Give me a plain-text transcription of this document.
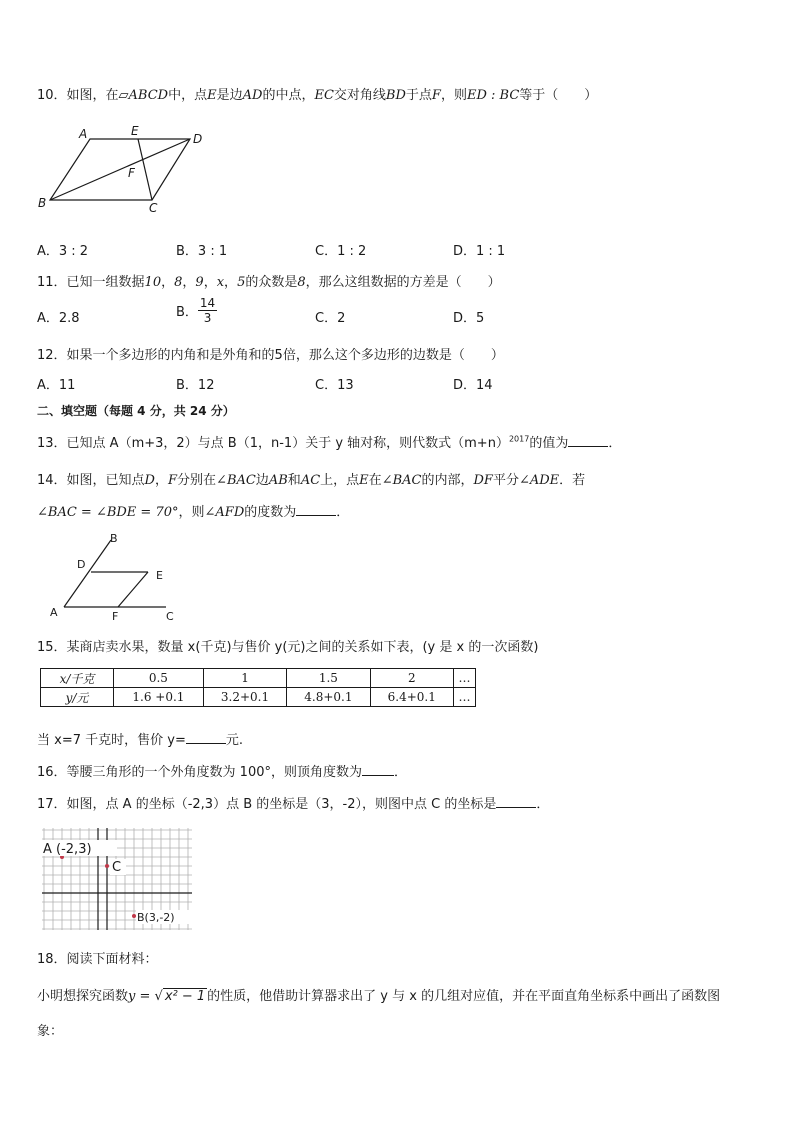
10．如图，在▱ABCD中，点E是边AD的中点，EC交对角线BD于点F，则ED : BC等于（　　）
A	E
D
F
B	C
A．3 : 2	B．3 : 1	C．1 : 2	D．1 : 1
11．已知一组数据10，8，9，x，5的众数是8，那么这组数据的方差是（　　）
A．2.8	B． $\frac{14}{3}$	C．2	D．5
12．如果一个多边形的内角和是外角和的5倍，那么这个多边形的边数是（　　）
A．11	B．12	C．13	D．14
二、填空题（每题 4 分，共 24 分）
13．已知点 A（m+3，2）与点 B（1，n-1）关于 y 轴对称，则代数式$(m+n)^{2017}$的值为	．
14．如图，已知点D，F分别在∠BAC边AB和AC上，点E在∠BAC的内部，DF平分∠ADE．若
∠BAC = ∠BDE = 70°，则∠AFD的度数为	．
B
D
E
A	F	C
15．某商店卖水果，数量 x(千克)与售价 y(元)之间的关系如下表，(y 是 x 的一次函数)
x/千克	0.5	1	1.5	2	…
y/元	1.6 +0.1	3.2+0.1	4.8+0.1	6.4+0.1	…
当 x=7 千克时，售价 y=	元.
16．等腰三角形的一个外角度数为 100°，则顶角度数为 ．
17．如图，点 A 的坐标（-2,3）点 B 的坐标是（3，-2），则图中点 C 的坐标是	．
A (-2,3)
C
B(3,-2)
18．阅读下面材料：
小明想探究函数y = √ x² − 1 的性质，他借助计算器求出了 y 与 x 的几组对应值，并在平面直角坐标系中画出了函数图
象：
